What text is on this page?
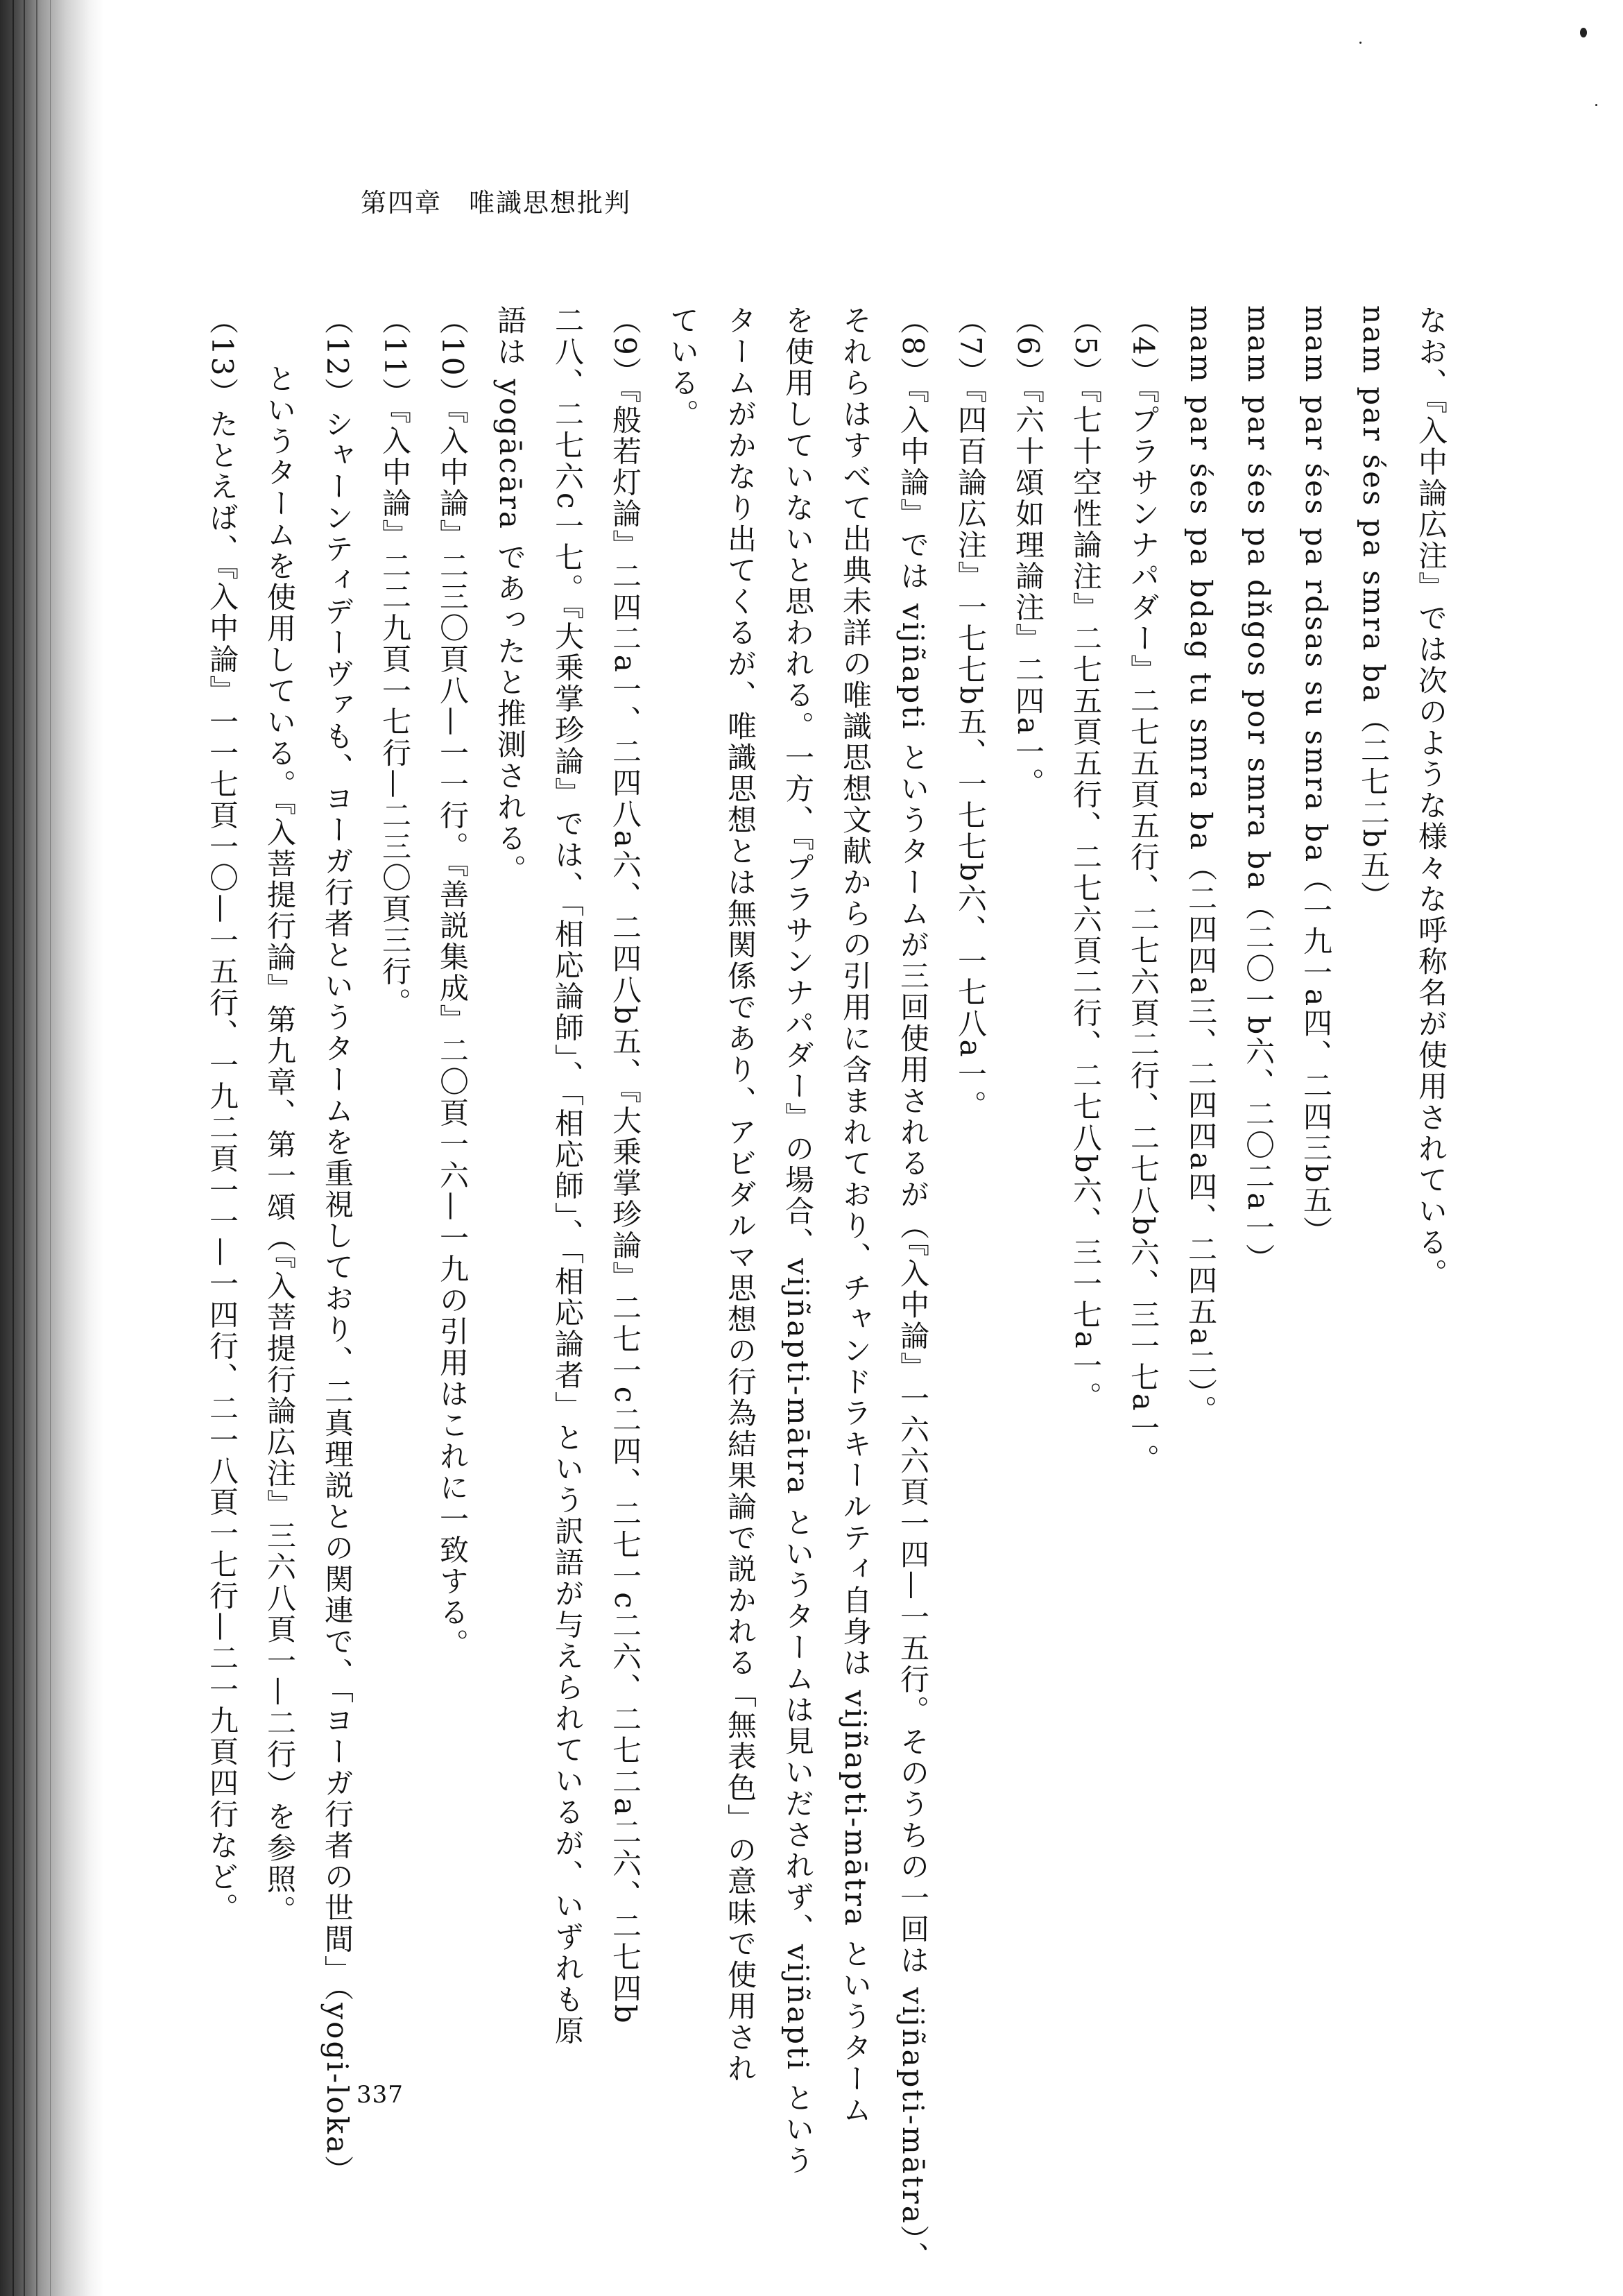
第四章　唯識思想批判
なお、『入中論広注』では次のような様々な呼称名が使用されている。
nam par śes pa smra ba（二七二b五）
mam par śes pa rdsas su smra ba（一九一a四、二四三b五）
mam par śes pa dňgos por smra ba（二〇一b六、二〇二a一）
mam par śes pa bdag tu smra ba（二四四a三、二四四a四、二四五a二）。
（4）『プラサンナパダー』二七五頁五行、二七六頁二行、二七八b六、三一七a一。
（5）『七十空性論注』二七五頁五行、二七六頁二行、二七八b六、三一七a一。
（6）『六十頌如理論注』二四a一。
（7）『四百論広注』一七七b五、一七七b六、一七八a一。
（8）『入中論』では vijñapti というタームが三回使用されるが（『入中論』一六六頁一四—一五行。そのうちの一回は vijñapti-mātra）、
それらはすべて出典未詳の唯識思想文献からの引用に含まれており、チャンドラキールティ自身は vijñapti-mātra というターム
を使用していないと思われる。一方、『プラサンナパダー』の場合、vijñapti-mātra というタームは見いだされず、vijñapti という
タームがかなり出てくるが、唯識思想とは無関係であり、アビダルマ思想の行為結果論で説かれる「無表色」の意味で使用され
ている。
（9）『般若灯論』二四二a一、二四八a六、二四八b五、『大乗掌珍論』二七一c二四、二七一c二六、二七二a二六、二七四b
二八、二七六c一七。『大乗掌珍論』では、「相応論師」、「相応師」、「相応論者」という訳語が与えられているが、いずれも原
語は yogācāra であったと推測される。
（10）『入中論』二三〇頁八—一一行。『善説集成』二〇頁一六—一九の引用はこれに一致する。
（11）『入中論』二二九頁一七行—二三〇頁三行。
（12）シャーンティデーヴァも、ヨーガ行者というタームを重視しており、二真理説との関連で、「ヨーガ行者の世間」（yogi-loka）
というタームを使用している。『入菩提行論』第九章、第一頌（『入菩提行論広注』三六八頁一—二行）を参照。
（13）たとえば、『入中論』一一七頁一〇—一五行、一九二頁一一—一四行、二一八頁一七行—二一九頁四行など。
337
